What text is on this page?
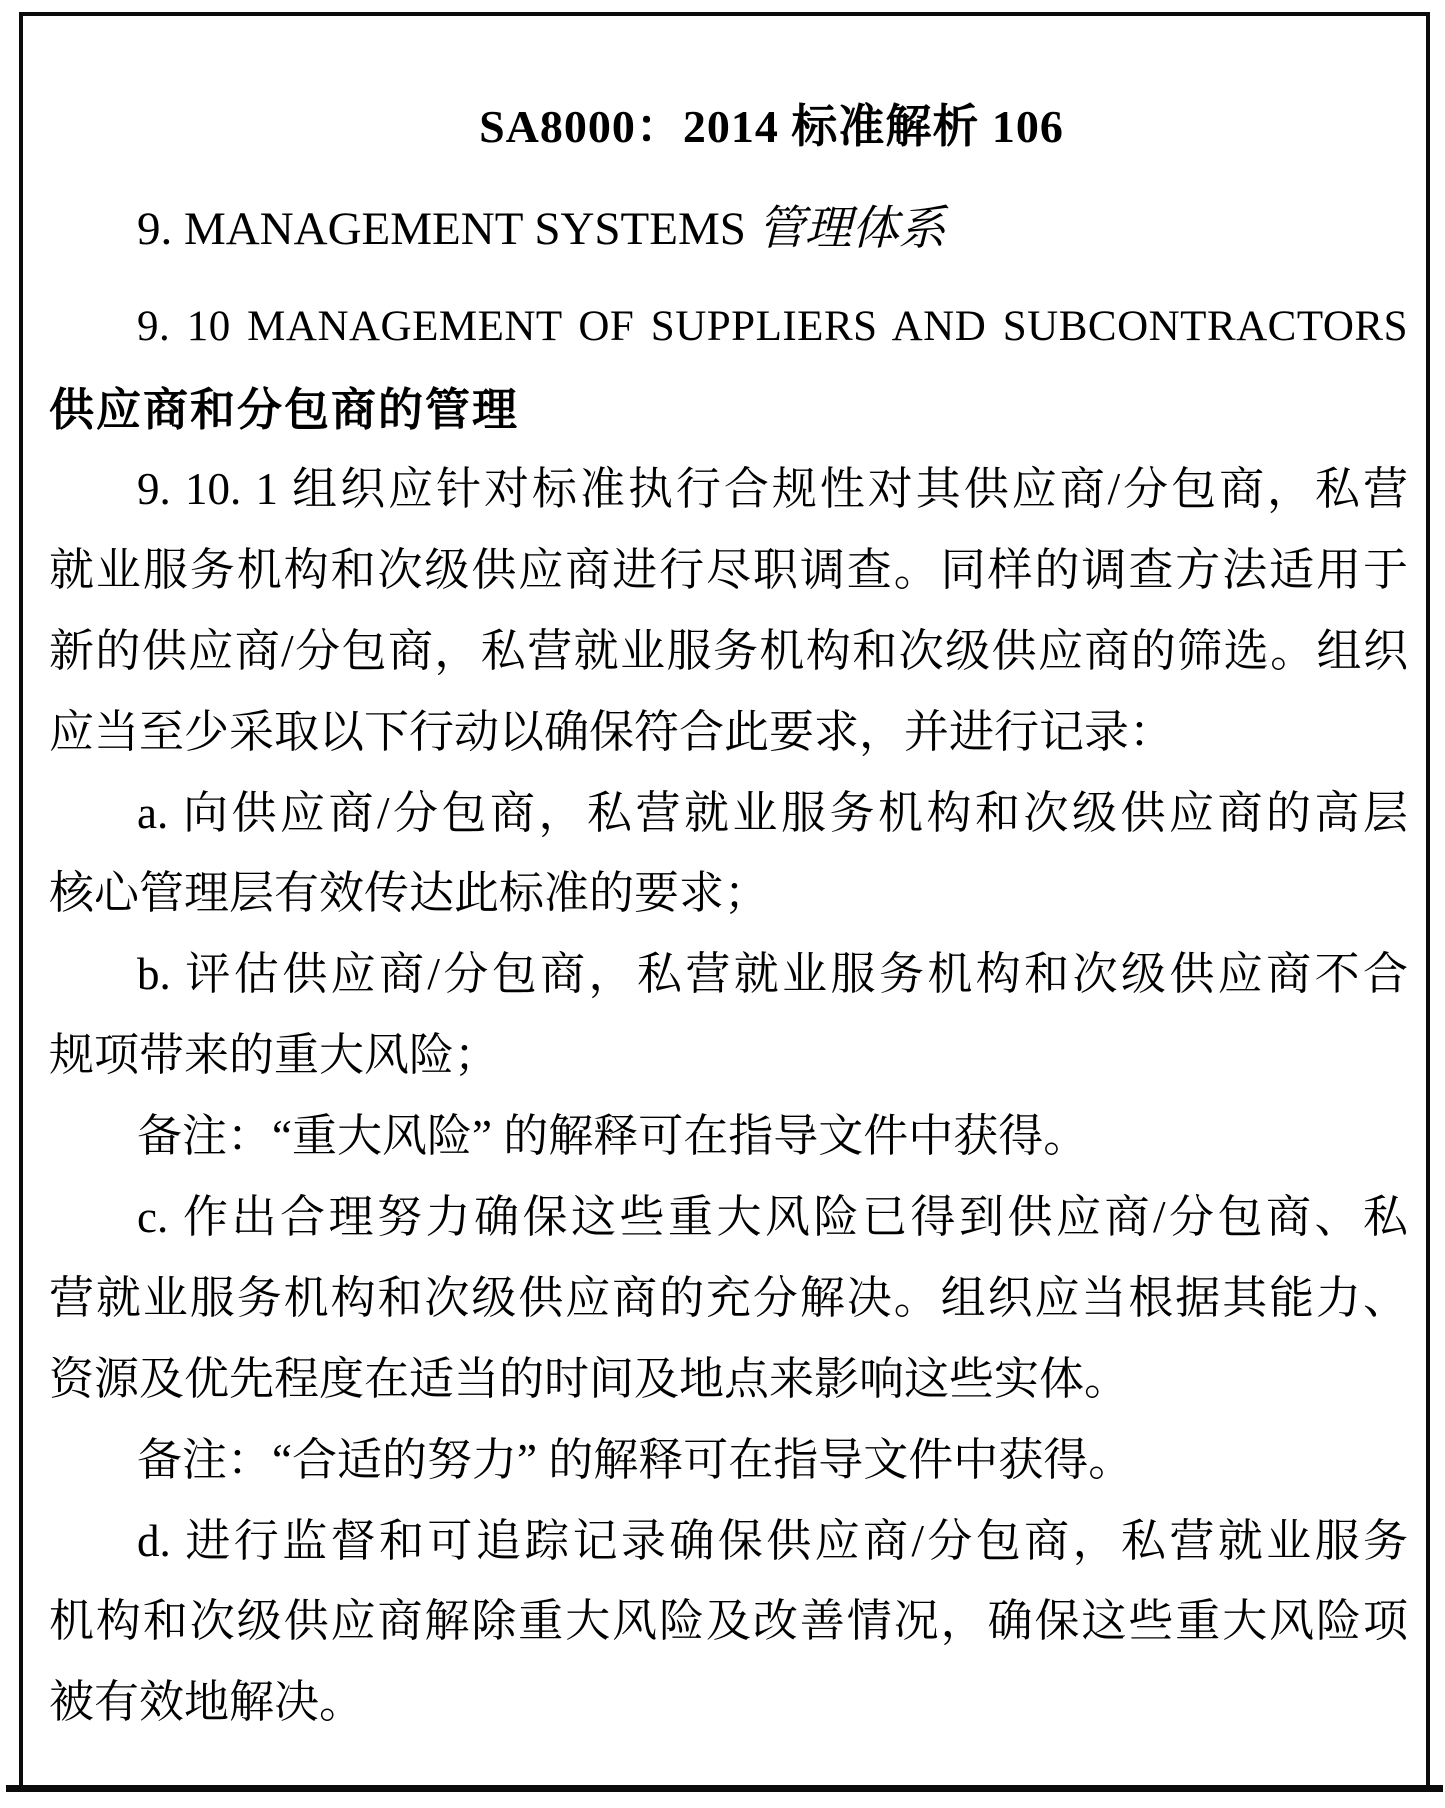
SA8000：2014 标准解析 106
9. MANAGEMENT SYSTEMS 管理体系
9. 10 MANAGEMENT OF SUPPLIERS AND SUBCONTRACTORS
供应商和分包商的管理
9. 10. 1 组织应针对标准执行合规性对其供应商/分包商，私营
就业服务机构和次级供应商进行尽职调查。同样的调查方法适用于
新的供应商/分包商，私营就业服务机构和次级供应商的筛选。组织
应当至少采取以下行动以确保符合此要求，并进行记录：
a. 向供应商/分包商，私营就业服务机构和次级供应商的高层
核心管理层有效传达此标准的要求；
b. 评估供应商/分包商，私营就业服务机构和次级供应商不合
规项带来的重大风险；
备注：“重大风险” 的解释可在指导文件中获得。
c. 作出合理努力确保这些重大风险已得到供应商/分包商、私
营就业服务机构和次级供应商的充分解决。组织应当根据其能力、
资源及优先程度在适当的时间及地点来影响这些实体。
备注：“合适的努力” 的解释可在指导文件中获得。
d. 进行监督和可追踪记录确保供应商/分包商，私营就业服务
机构和次级供应商解除重大风险及改善情况，确保这些重大风险项
被有效地解决。
